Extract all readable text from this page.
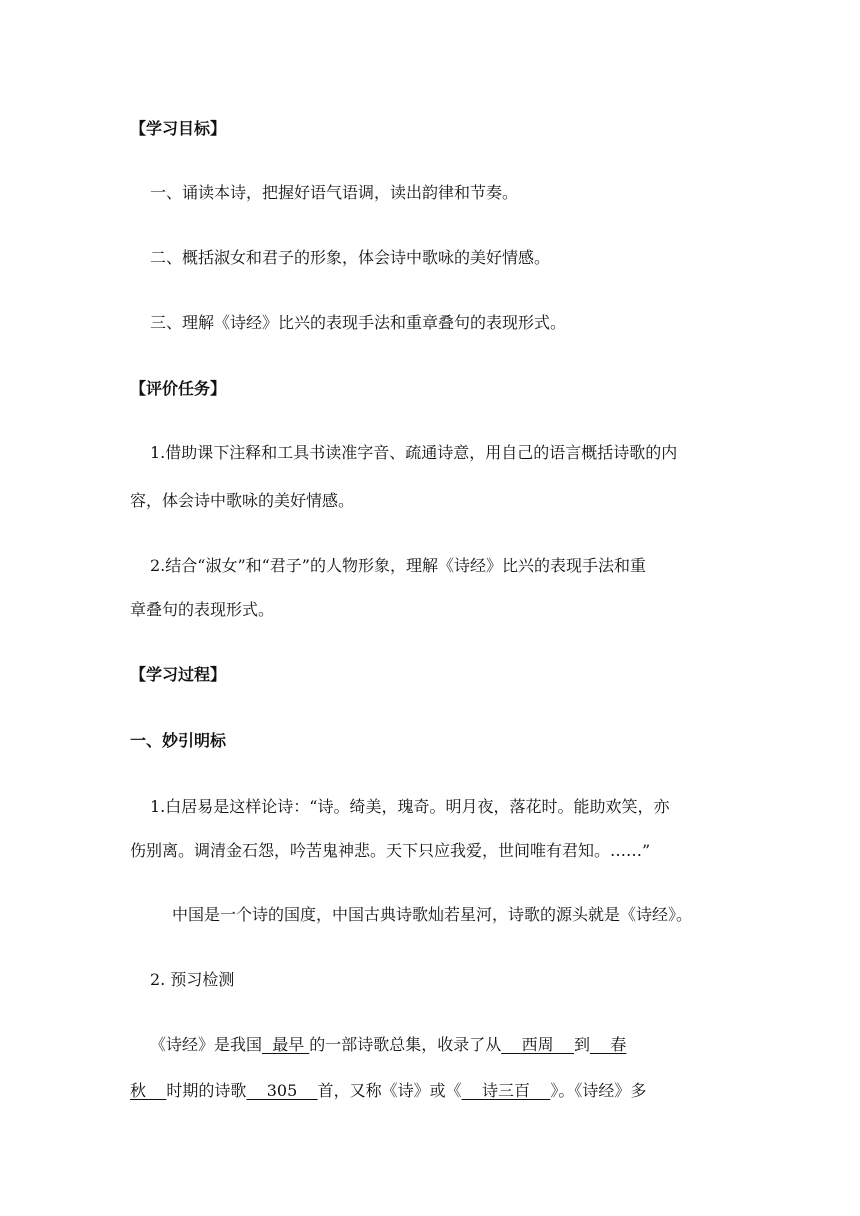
【学习目标】
一、诵读本诗，把握好语气语调，读出韵律和节奏。
二、概括淑女和君子的形象，体会诗中歌咏的美好情感。
三、理解《诗经》比兴的表现手法和重章叠句的表现形式。
【评价任务】
1.借助课下注释和工具书读准字音、疏通诗意，用自己的语言概括诗歌的内
容，体会诗中歌咏的美好情感。
2.结合“淑女”和“君子”的人物形象，理解《诗经》比兴的表现手法和重
章叠句的表现形式。
【学习过程】
一、妙引明标
1.白居易是这样论诗：“诗。绮美，瑰奇。明月夜，落花时。能助欢笑，亦
伤别离。调清金石怨，吟苦鬼神悲。天下只应我爱，世间唯有君知。……”
中国是一个诗的国度，中国古典诗歌灿若星河，诗歌的源头就是《诗经》。
2. 预习检测
《诗经》是我国  最早 的一部诗歌总集，收录了从    西周    到    春
秋    时期的诗歌    305    首，又称《诗》或《    诗三百    》。《诗经》多
